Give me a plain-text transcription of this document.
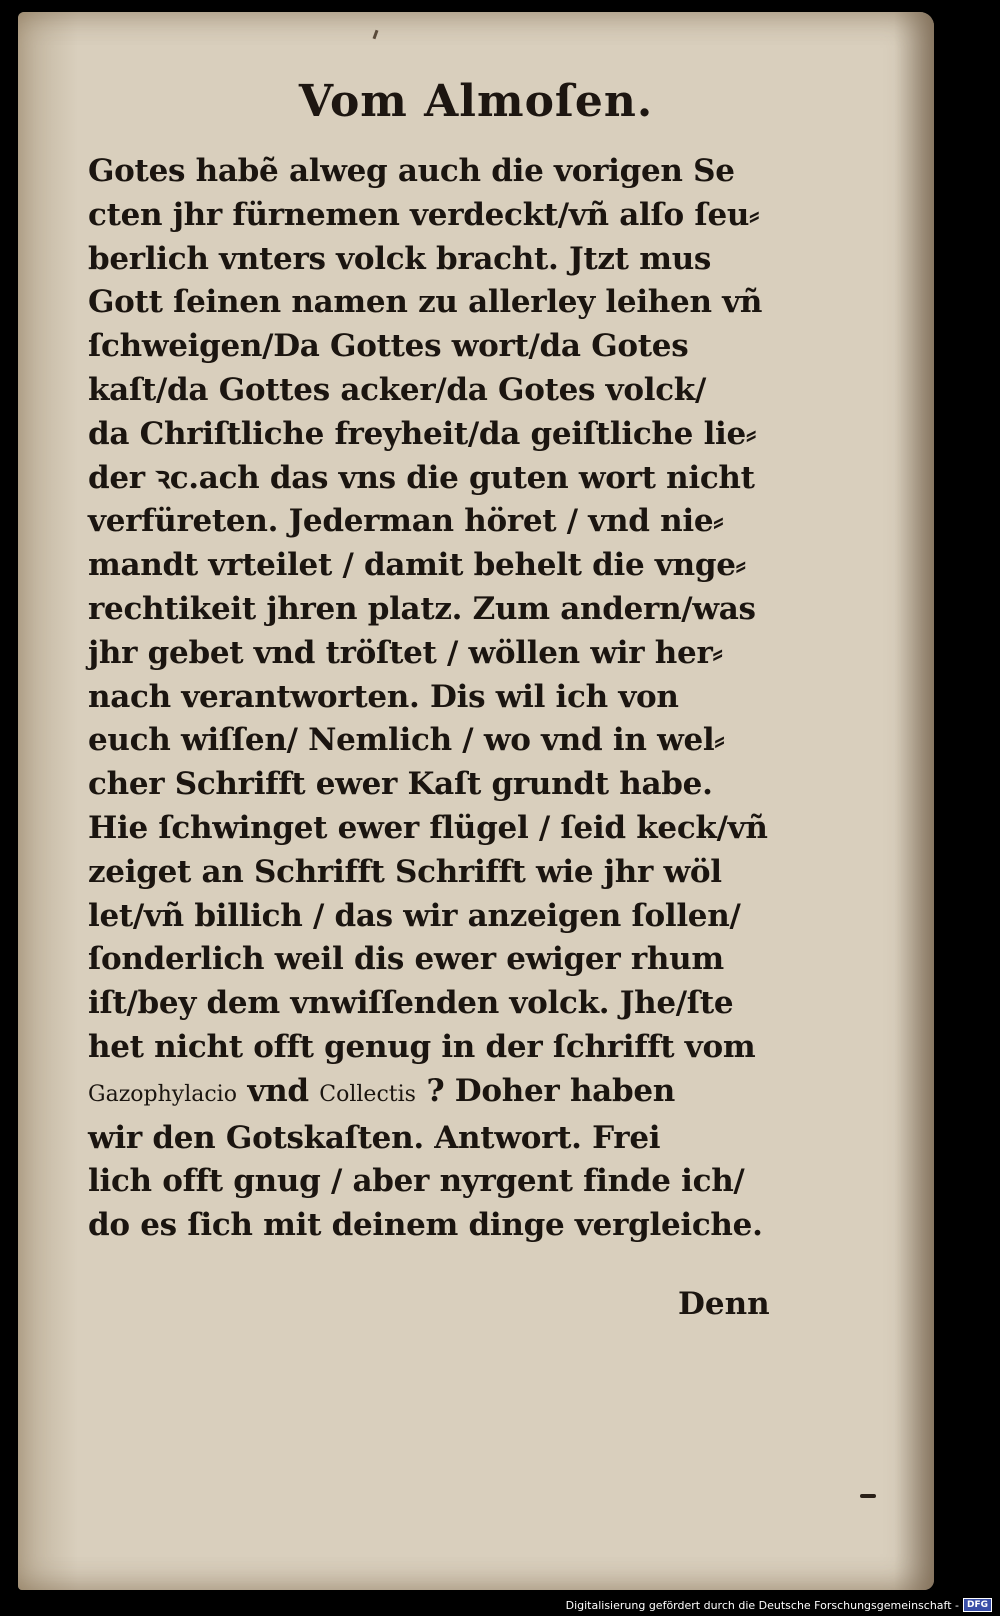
Vom Almoſen.
Gotes habẽ alweg auch die vorigen Se
cten jhr fürnemen verdeckt/vñ alſo ſeu⸗
berlich vnters volck bracht. Jtzt mus
Gott ſeinen namen zu allerley leihen vñ
ſchweigen/Da Gottes wort/da Gotes
kaſt/da Gottes acker/da Gotes volck/
da Chriſtliche freyheit/da geiſtliche lie⸗
der ꝛc.ach das vns die guten wort nicht
verfüreten. Jederman höret / vnd nie⸗
mandt vrteilet / damit behelt die vnge⸗
rechtikeit jhren platz. Zum andern/was
jhr gebet vnd tröſtet / wöllen wir her⸗
nach verantworten. Dis wil ich von
euch wiſſen/ Nemlich / wo vnd in wel⸗
cher Schrifft ewer Kaſt grundt habe.
Hie ſchwinget ewer flügel / ſeid keck/vñ
zeiget an Schrifft Schrifft wie jhr wöl
let/vñ billich / das wir anzeigen ſollen/
ſonderlich weil dis ewer ewiger rhum
iſt/bey dem vnwiſſenden volck. Jhe/ſte
het nicht offt genug in der ſchrifft vom
Gazophylacio vnd Collectis ? Doher haben
wir den Gotskaſten. Antwort. Frei
lich offt gnug / aber nyrgent finde ich/
do es ſich mit deinem dinge vergleiche.
Denn
Digitalisierung gefördert durch die Deutsche Forschungsgemeinschaft - DFG
